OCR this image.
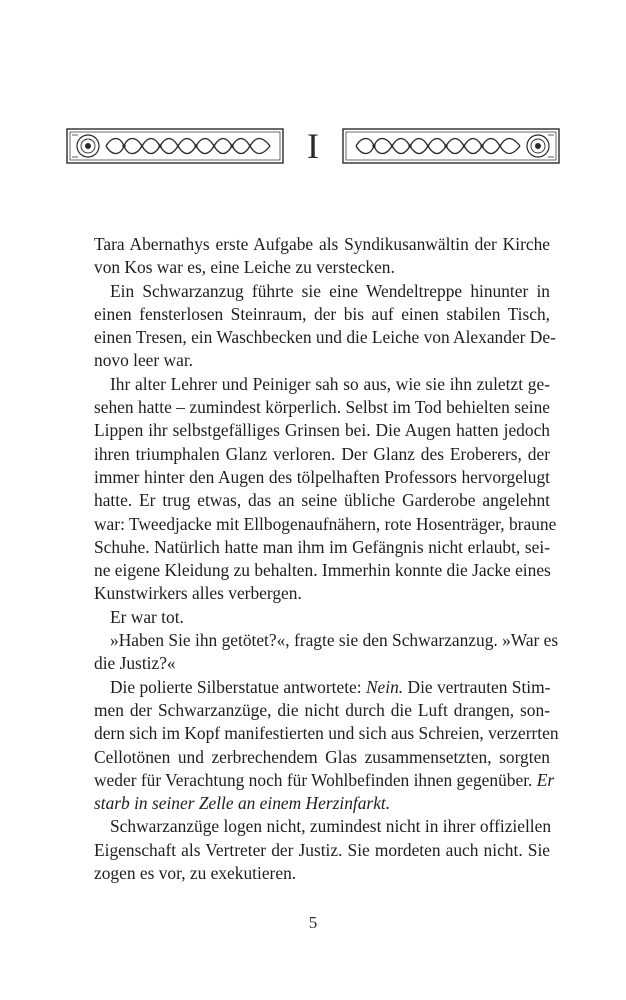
I

Tara Abernathys erste Aufgabe als Syndikusanwältin der Kirche
von Kos war es, eine Leiche zu verstecken.

Ein Schwarzanzug führte sie eine Wendeltreppe hinunter in
einen fensterlosen Steinraum, der bis auf einen stabilen Tisch,
einen Tresen, ein Waschbecken und die Leiche von Alexander De-
novo leer war.

Ihr alter Lehrer und Peiniger sah so aus, wie sie ihn zuletzt ge-
sehen hatte – zumindest körperlich. Selbst im Tod behielten seine
Lippen ihr selbstgefälliges Grinsen bei. Die Augen hatten jedoch
ihren triumphalen Glanz verloren. Der Glanz des Eroberers, der
immer hinter den Augen des tölpelhaften Professors hervorgelugt
hatte. Er trug etwas, das an seine übliche Garderobe angelehnt
war: Tweedjacke mit Ellbogenaufnähern, rote Hosenträger, braune
Schuhe. Natürlich hatte man ihm im Gefängnis nicht erlaubt, sei-
ne eigene Kleidung zu behalten. Immerhin konnte die Jacke eines
Kunstwirkers alles verbergen.

Er war tot.

»Haben Sie ihn getötet?«, fragte sie den Schwarzanzug. »War es
die Justiz?«

Die polierte Silberstatue antwortete: Nein. Die vertrauten Stim-
men der Schwarzanzüge, die nicht durch die Luft drangen, son-
dern sich im Kopf manifestierten und sich aus Schreien, verzerrten
Cellotönen und zerbrechendem Glas zusammensetzten, sorgten
weder für Verachtung noch für Wohlbefinden ihnen gegenüber. Er
starb in seiner Zelle an einem Herzinfarkt.

Schwarzanzüge logen nicht, zumindest nicht in ihrer offiziellen
Eigenschaft als Vertreter der Justiz. Sie mordeten auch nicht. Sie
zogen es vor, zu exekutieren.

5
